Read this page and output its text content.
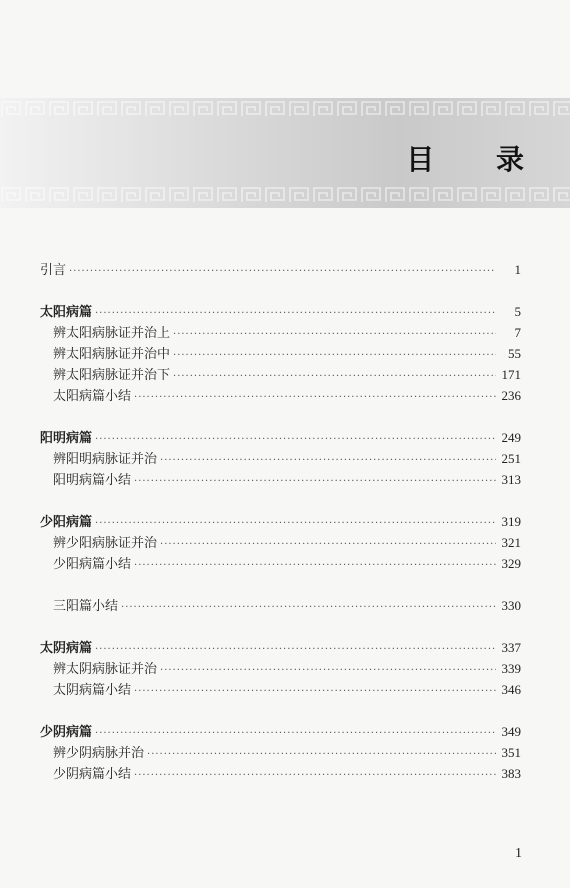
目 录
引言 ·····	1
太阳病篇 ·····	5
辨太阳病脉证并治上 ·····	7
辨太阳病脉证并治中 ·····	55
辨太阳病脉证并治下 ·····	171
太阳病篇小结 ·····	236
阳明病篇 ·····	249
辨阳明病脉证并治 ·····	251
阳明病篇小结 ·····	313
少阳病篇 ·····	319
辨少阳病脉证并治 ·····	321
少阳病篇小结 ·····	329
三阳篇小结 ·····	330
太阴病篇 ·····	337
辨太阴病脉证并治 ·····	339
太阴病篇小结 ·····	346
少阴病篇 ·····	349
辨少阴病脉并治 ·····	351
少阴病篇小结 ·····	383
1
